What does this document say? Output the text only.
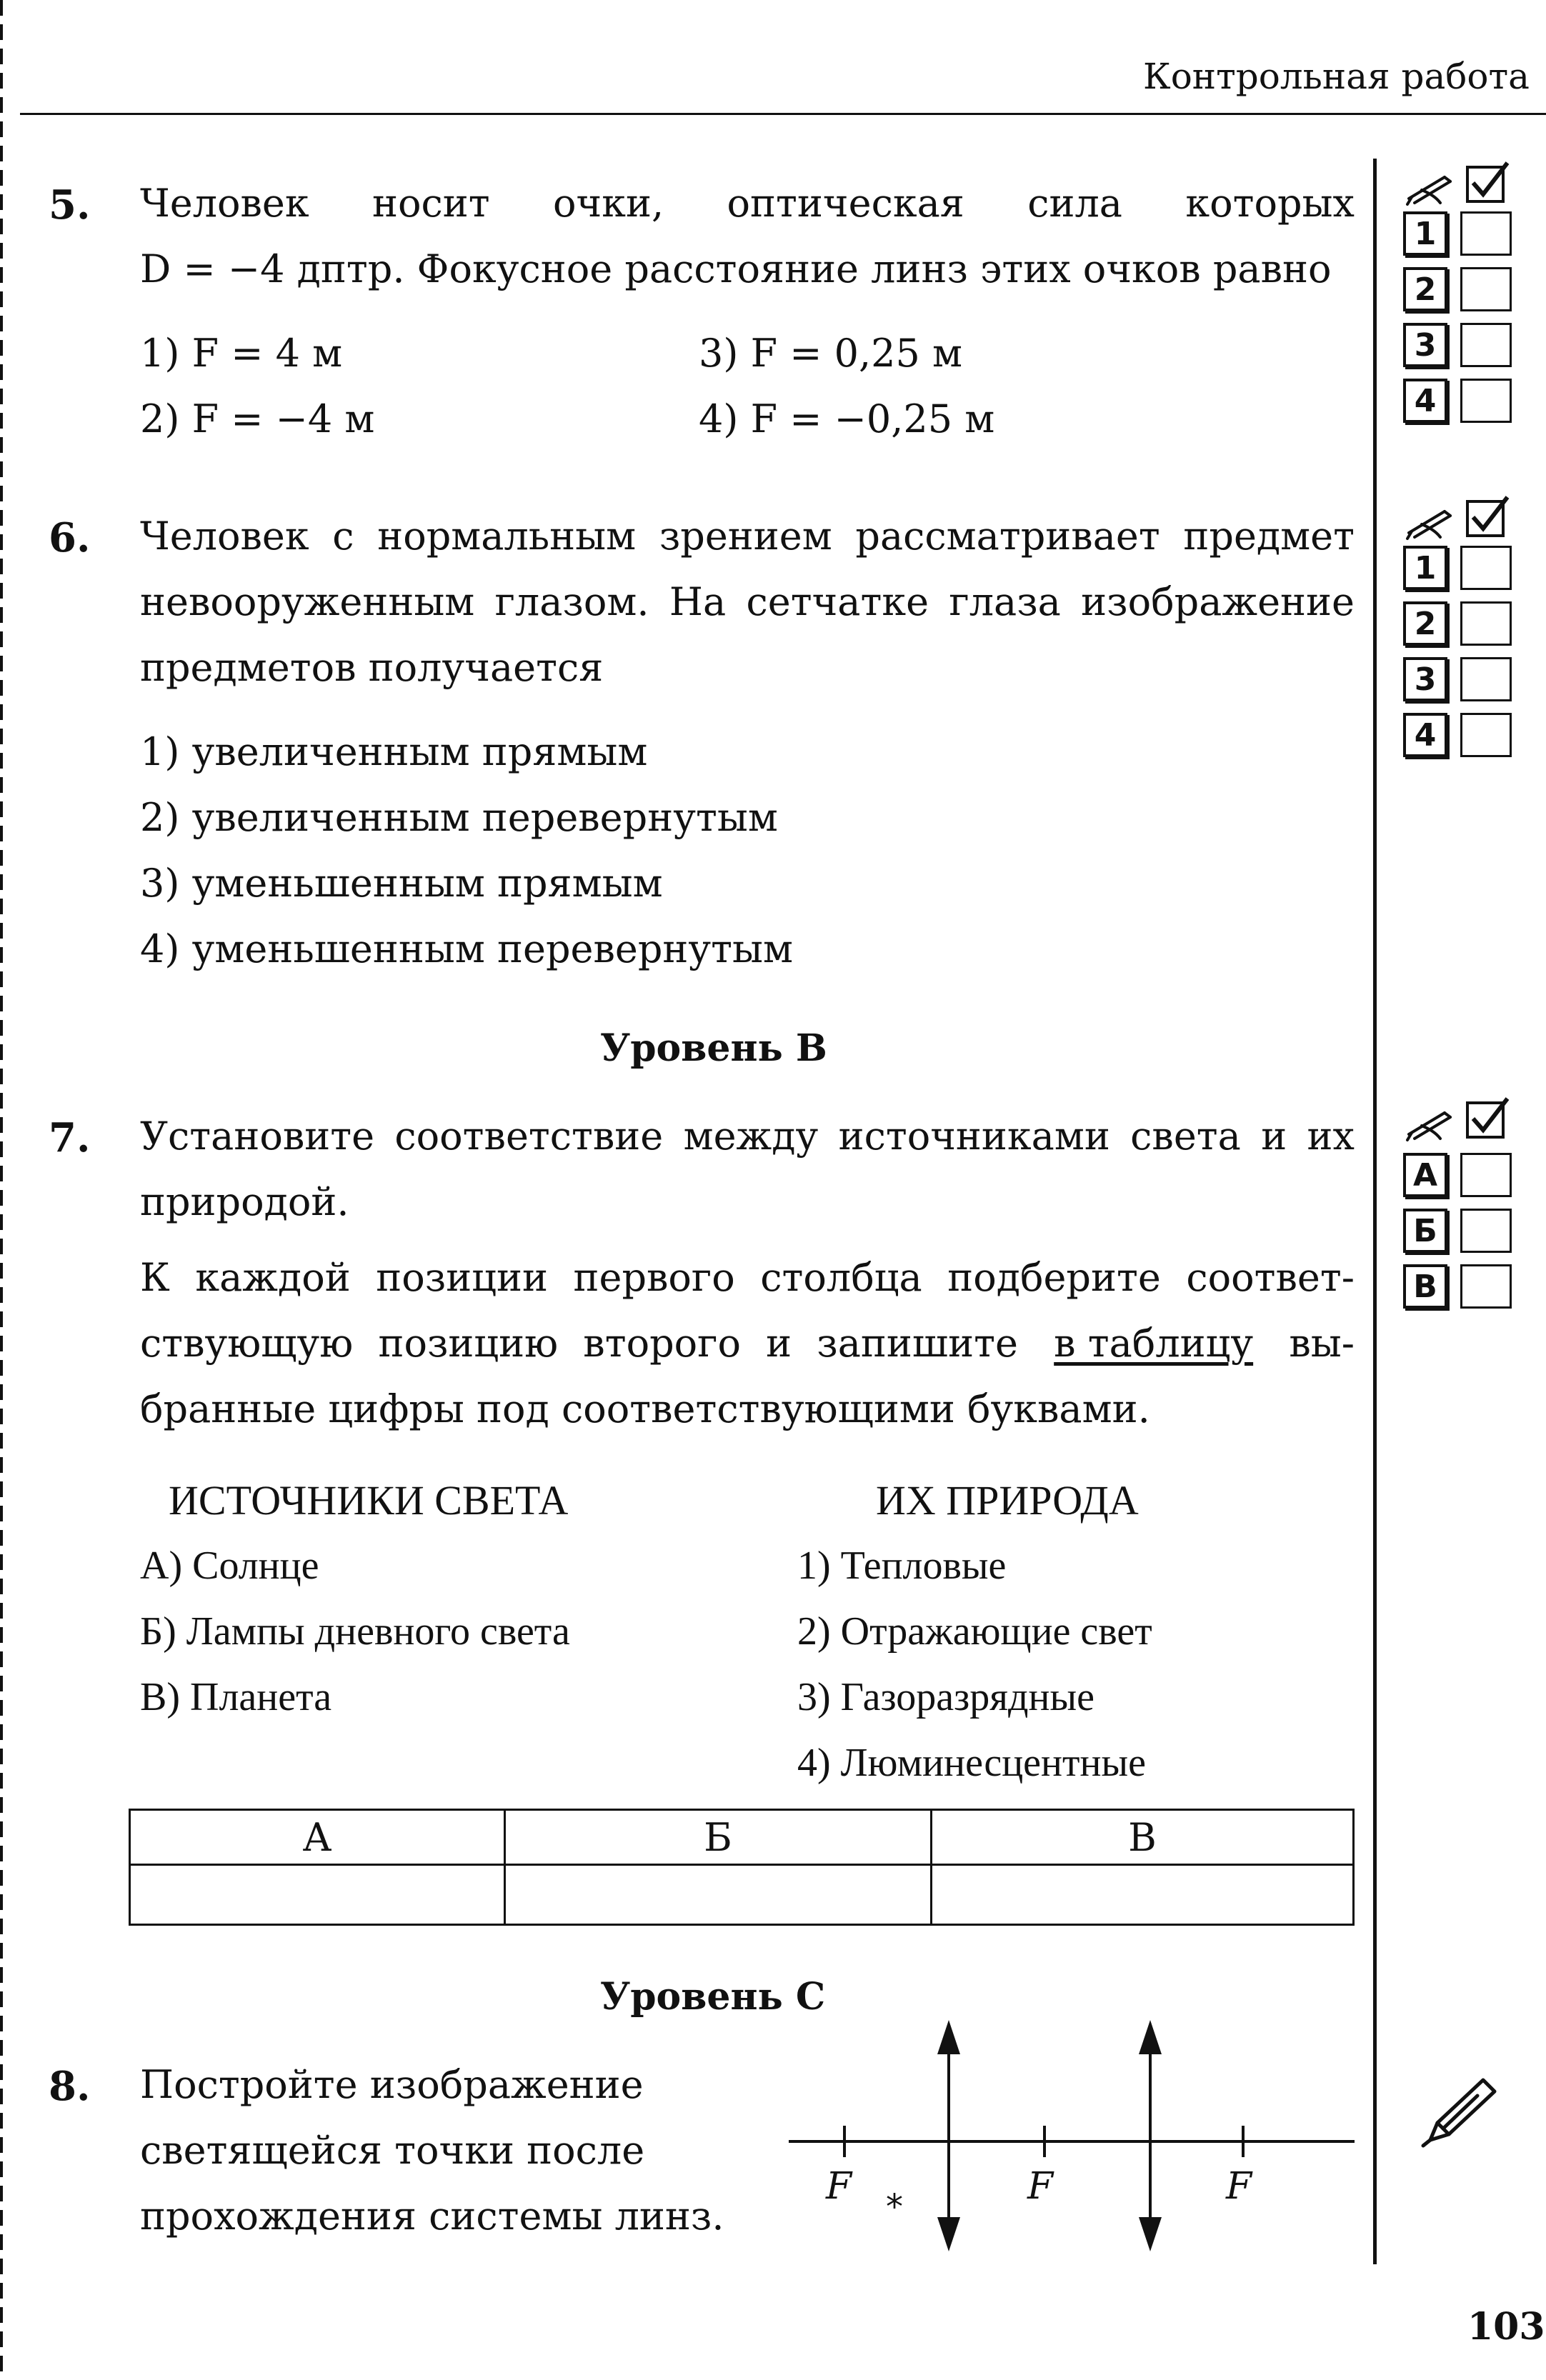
Контрольная работа
5. Человек носит очки, оптическая сила которых
D = −4 дптр. Фокусное расстояние линз этих очков равно
1) F = 4 м
2) F = −4 м
3) F = 0,25 м
4) F = −0,25 м
6. Человек с нормальным зрением рассматривает предмет
невооруженным глазом. На сетчатке глаза изображение
предметов получается
1) увеличенным прямым
2) увеличенным перевернутым
3) уменьшенным прямым
4) уменьшенным перевернутым
Уровень В
7. Установите соответствие между источниками света и их
природой.
К каждой позиции первого столбца подберите соответ-
ствующую позицию второго и запишите в таблицу вы-
бранные цифры под соответствующими буквами.
ИСТОЧНИКИ СВЕТА	ИХ ПРИРОДА
А) Солнце
Б) Лампы дневного света
В) Планета
1) Тепловые
2) Отражающие свет
3) Газоразрядные
4) Люминесцентные
А	Б	В

Уровень С
8. Постройте изображение
светящейся точки после
прохождения системы линз.
F	F	F
*
1
2
3
4
1
2
3
4
А
Б
В
103
